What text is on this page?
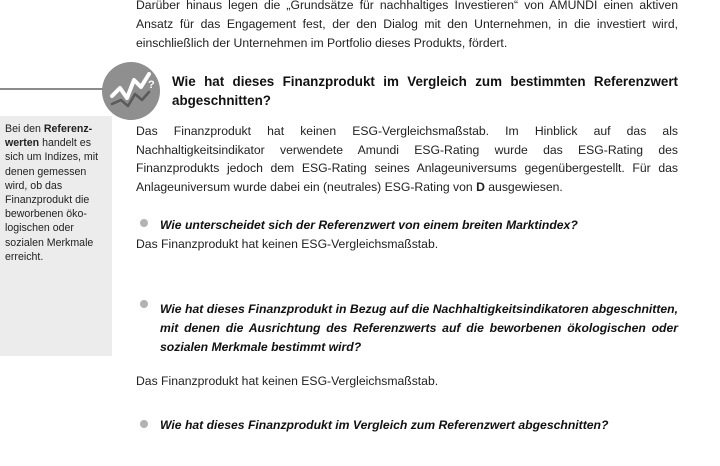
Darüber hinaus legen die „Grundsätze für nachhaltiges Investieren“ von AMUNDI einen aktiven Ansatz für das Engagement fest, der den Dialog mit den Unternehmen, in die investiert wird, einschließlich der Unternehmen im Portfolio dieses Produkts, fördert.

? Wie hat dieses Finanzprodukt im Vergleich zum bestimmten Referenzwert abgeschnitten?

Bei den Referenz-werten handelt es sich um Indizes, mit denen gemessen wird, ob das Finanzprodukt die beworbenen öko-logischen oder sozialen Merkmale erreicht.

Das Finanzprodukt hat keinen ESG-Vergleichsmaßstab. Im Hinblick auf das als Nachhaltigkeitsindikator verwendete Amundi ESG-Rating wurde das ESG-Rating des Finanzprodukts jedoch dem ESG-Rating seines Anlageuniversums gegenübergestellt. Für das Anlageuniversum wurde dabei ein (neutrales) ESG-Rating von D ausgewiesen.

Wie unterscheidet sich der Referenzwert von einem breiten Marktindex?

Das Finanzprodukt hat keinen ESG-Vergleichsmaßstab.

Wie hat dieses Finanzprodukt in Bezug auf die Nachhaltigkeitsindikatoren abgeschnitten, mit denen die Ausrichtung des Referenzwerts auf die beworbenen ökologischen oder sozialen Merkmale bestimmt wird?

Das Finanzprodukt hat keinen ESG-Vergleichsmaßstab.

Wie hat dieses Finanzprodukt im Vergleich zum Referenzwert abgeschnitten?
